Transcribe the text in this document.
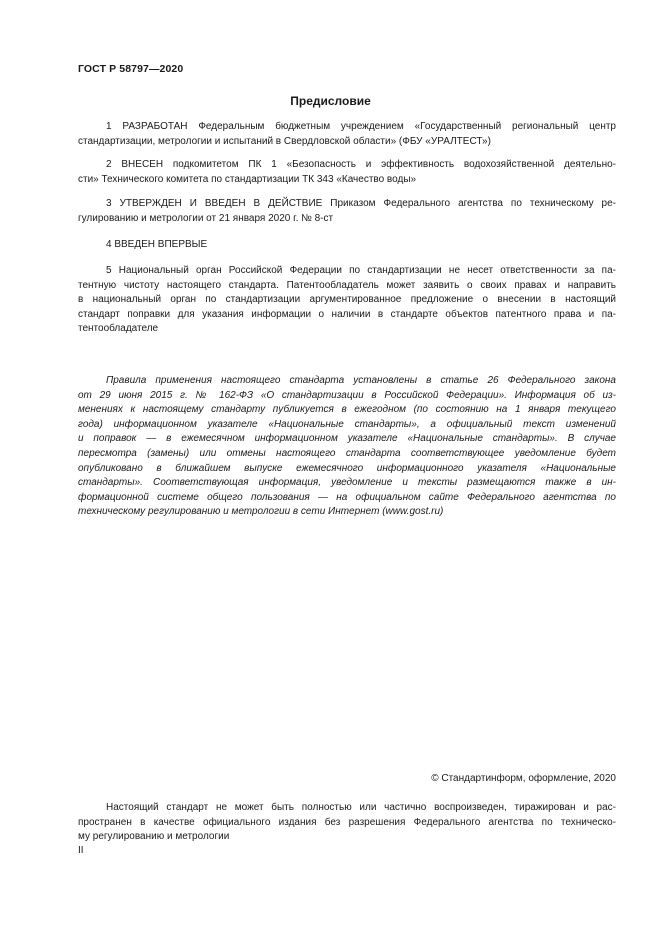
ГОСТ Р 58797—2020
Предисловие
1 РАЗРАБОТАН Федеральным бюджетным учреждением «Государственный региональный центр
стандартизации, метрологии и испытаний в Свердловской области» (ФБУ «УРАЛТЕСТ»)
2 ВНЕСЕН подкомитетом ПК 1 «Безопасность и эффективность водохозяйственной деятельно-
сти» Технического комитета по стандартизации ТК 343 «Качество воды»
3 УТВЕРЖДЕН И ВВЕДЕН В ДЕЙСТВИЕ Приказом Федерального агентства по техническому ре-
гулированию и метрологии от 21 января 2020 г. № 8-ст
4 ВВЕДЕН ВПЕРВЫЕ
5 Национальный орган Российской Федерации по стандартизации не несет ответственности за па-
тентную чистоту настоящего стандарта. Патентообладатель может заявить о своих правах и направить
в национальный орган по стандартизации аргументированное предложение о внесении в настоящий
стандарт поправки для указания информации о наличии в стандарте объектов патентного права и па-
тентообладателе
Правила применения настоящего стандарта установлены в статье 26 Федерального закона
от 29 июня 2015 г. № 162-ФЗ «О стандартизации в Российской Федерации». Информация об из-
менениях к настоящему стандарту публикуется в ежегодном (по состоянию на 1 января текущего
года) информационном указателе «Национальные стандарты», а официальный текст изменений
и поправок — в ежемесячном информационном указателе «Национальные стандарты». В случае
пересмотра (замены) или отмены настоящего стандарта соответствующее уведомление будет
опубликовано в ближайшем выпуске ежемесячного информационного указателя «Национальные
стандарты». Соответствующая информация, уведомление и тексты размещаются также в ин-
формационной системе общего пользования — на официальном сайте Федерального агентства по
техническому регулированию и метрологии в сети Интернет (www.gost.ru)
© Стандартинформ, оформление, 2020
Настоящий стандарт не может быть полностью или частично воспроизведен, тиражирован и рас-
пространен в качестве официального издания без разрешения Федерального агентства по техническо-
му регулированию и метрологии
II
